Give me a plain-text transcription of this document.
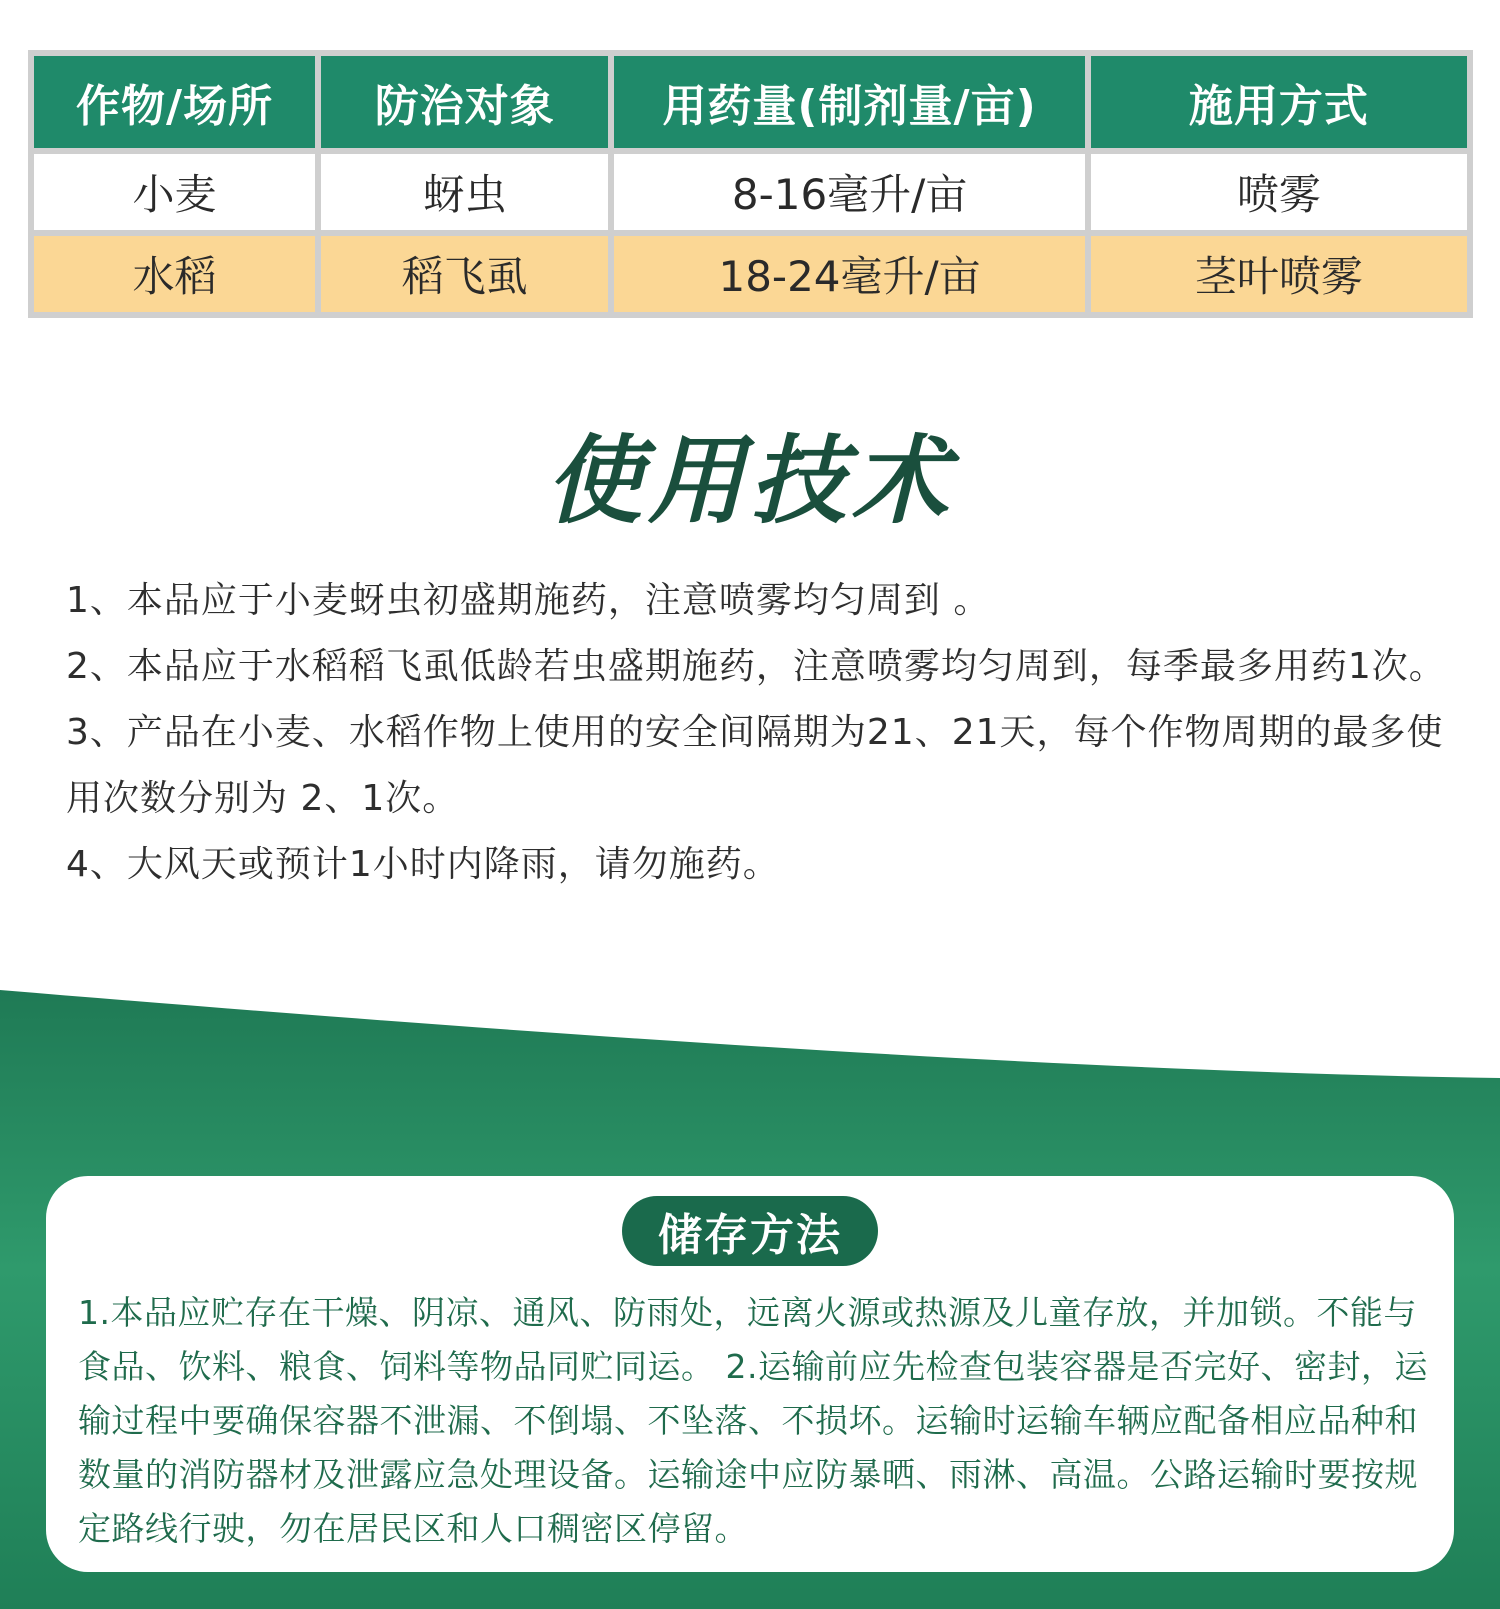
作物/场所	防治对象	用药量(制剂量/亩)	施用方式
小麦	蚜虫	8-16毫升/亩	喷雾
水稻	稻飞虱	18-24毫升/亩	茎叶喷雾
使用技术

1、本品应于小麦蚜虫初盛期施药，注意喷雾均匀周到 。

2、本品应于水稻稻飞虱低龄若虫盛期施药，注意喷雾均匀周到，每季最多用药1次。

3、产品在小麦、水稻作物上使用的安全间隔期为21、21天，每个作物周期的最多使用次数分别为 2、1次。

4、大风天或预计1小时内降雨，请勿施药。

储存方法

1.本品应贮存在干燥、阴凉、通风、防雨处，远离火源或热源及儿童存放，并加锁。不能与食品、饮料、粮食、饲料等物品同贮同运。 2.运输前应先检查包装容器是否完好、密封，运输过程中要确保容器不泄漏、不倒塌、不坠落、不损坏。运输时运输车辆应配备相应品种和数量的消防器材及泄露应急处理设备。运输途中应防暴晒、雨淋、高温。公路运输时要按规定路线行驶，勿在居民区和人口稠密区停留。
